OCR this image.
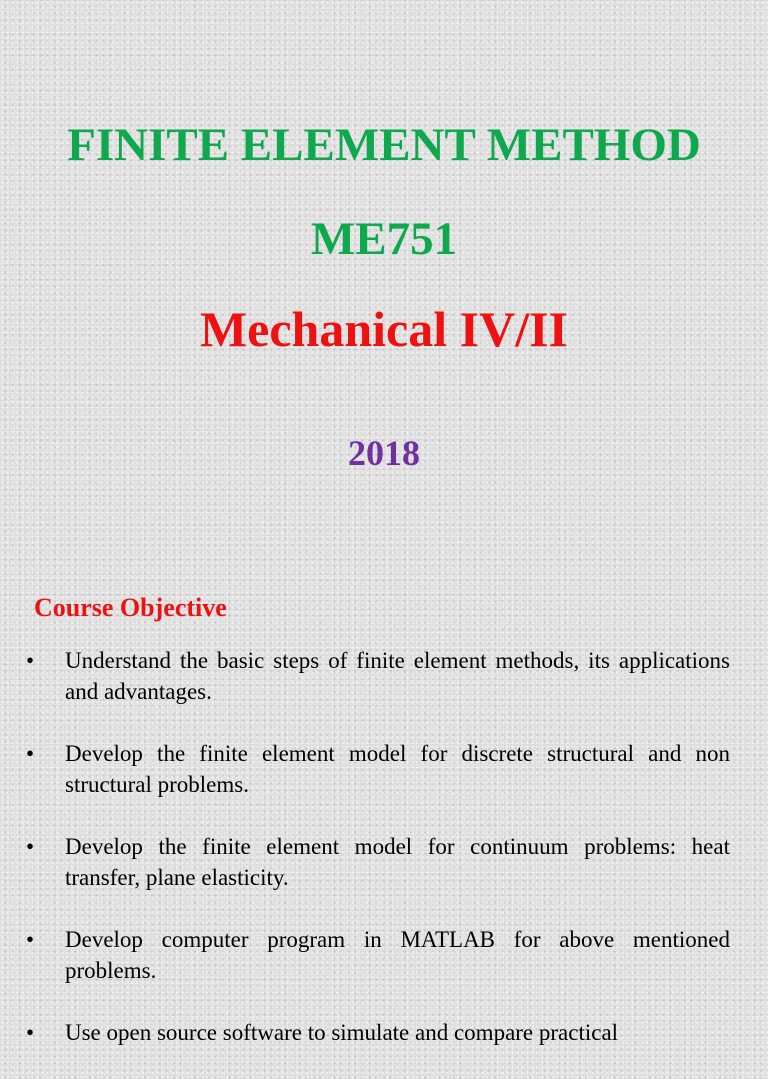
FINITE ELEMENT METHOD
ME751
Mechanical IV/II
2018
Course Objective
• Understand the basic steps of finite element methods, its applications and advantages.
• Develop the finite element model for discrete structural and non structural problems.
• Develop the finite element model for continuum problems: heat transfer, plane elasticity.
• Develop computer program in MATLAB for above mentioned problems.
• Use open source software to simulate and compare practical
